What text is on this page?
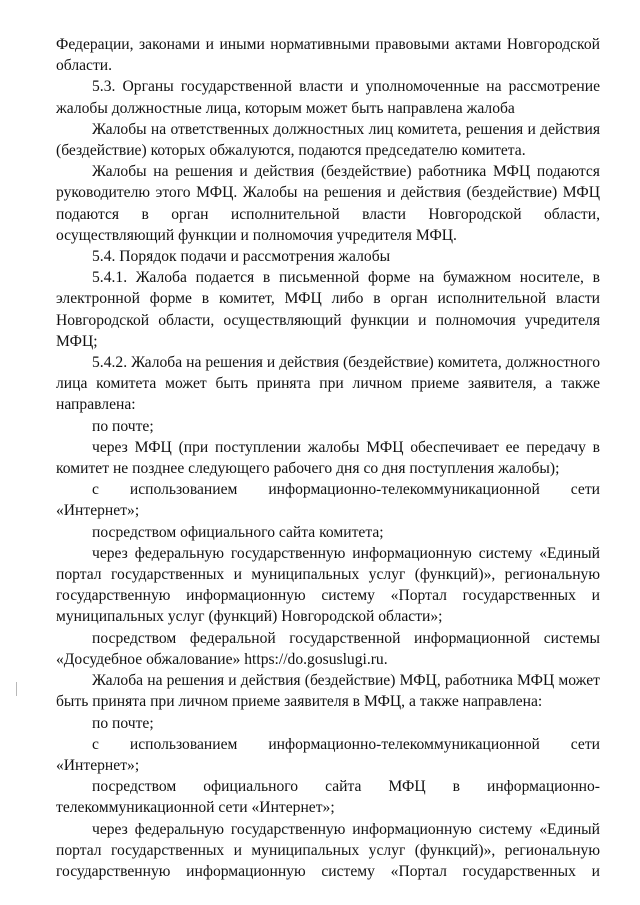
Федерации, законами и иными нормативными правовыми актами Новгородской области.

5.3. Органы государственной власти и уполномоченные на рассмотрение жалобы должностные лица, которым может быть направлена жалоба

Жалобы на ответственных должностных лиц комитета, решения и действия (бездействие) которых обжалуются, подаются председателю комитета.

Жалобы на решения и действия (бездействие) работника МФЦ подаются руководителю этого МФЦ. Жалобы на решения и действия (бездействие) МФЦ подаются в орган исполнительной власти Новгородской области, осуществляющий функции и полномочия учредителя МФЦ.

5.4. Порядок подачи и рассмотрения жалобы

5.4.1. Жалоба подается в письменной форме на бумажном носителе, в электронной форме в комитет, МФЦ либо в орган исполнительной власти Новгородской области, осуществляющий функции и полномочия учредителя МФЦ;

5.4.2. Жалоба на решения и действия (бездействие) комитета, должностного лица комитета может быть принята при личном приеме заявителя, а также направлена:

по почте;

через МФЦ (при поступлении жалобы МФЦ обеспечивает ее передачу в комитет не позднее следующего рабочего дня со дня поступления жалобы);

с использованием информационно-телекоммуникационной сети «Интернет»;

посредством официального сайта комитета;

через федеральную государственную информационную систему «Единый портал государственных и муниципальных услуг (функций)», региональную государственную информационную систему «Портал государственных и муниципальных услуг (функций) Новгородской области»;

посредством федеральной государственной информационной системы «Досудебное обжалование» https://do.gosuslugi.ru.

Жалоба на решения и действия (бездействие) МФЦ, работника МФЦ может быть принята при личном приеме заявителя в МФЦ, а также направлена:

по почте;

с использованием информационно-телекоммуникационной сети «Интернет»;

посредством официального сайта МФЦ в информационно-телекоммуникационной сети «Интернет»;

через федеральную государственную информационную систему «Единый портал государственных и муниципальных услуг (функций)», региональную государственную информационную систему «Портал государственных и
